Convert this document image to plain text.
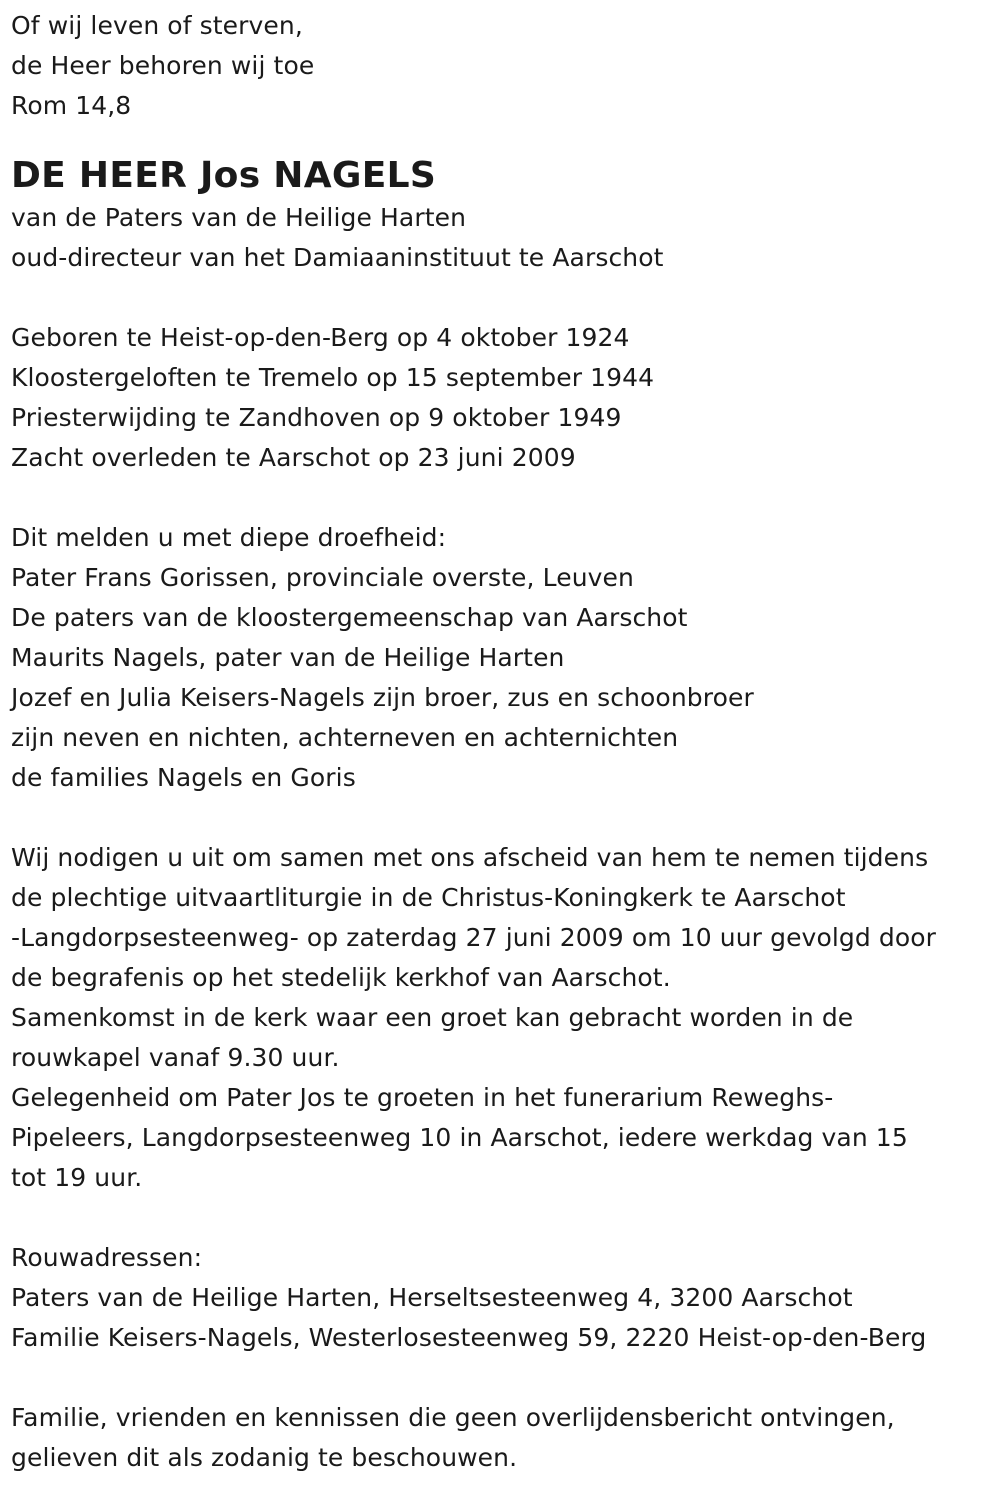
Of wij leven of sterven,
de Heer behoren wij toe
Rom 14,8
DE HEER Jos NAGELS
van de Paters van de Heilige Harten
oud-directeur van het Damiaaninstituut te Aarschot
Geboren te Heist-op-den-Berg op 4 oktober 1924
Kloostergeloften te Tremelo op 15 september 1944
Priesterwijding te Zandhoven op 9 oktober 1949
Zacht overleden te Aarschot op 23 juni 2009
Dit melden u met diepe droefheid:
Pater Frans Gorissen, provinciale overste, Leuven
De paters van de kloostergemeenschap van Aarschot
Maurits Nagels, pater van de Heilige Harten
Jozef en Julia Keisers-Nagels zijn broer, zus en schoonbroer
zijn neven en nichten, achterneven en achternichten
de families Nagels en Goris
Wij nodigen u uit om samen met ons afscheid van hem te nemen tijdens
de plechtige uitvaartliturgie in de Christus-Koningkerk te Aarschot
-Langdorpsesteenweg- op zaterdag 27 juni 2009 om 10 uur gevolgd door
de begrafenis op het stedelijk kerkhof van Aarschot.
Samenkomst in de kerk waar een groet kan gebracht worden in de
rouwkapel vanaf 9.30 uur.
Gelegenheid om Pater Jos te groeten in het funerarium Reweghs-
Pipeleers, Langdorpsesteenweg 10 in Aarschot, iedere werkdag van 15
tot 19 uur.
Rouwadressen:
Paters van de Heilige Harten, Herseltsesteenweg 4, 3200 Aarschot
Familie Keisers-Nagels, Westerlosesteenweg 59, 2220 Heist-op-den-Berg
Familie, vrienden en kennissen die geen overlijdensbericht ontvingen,
gelieven dit als zodanig te beschouwen.
